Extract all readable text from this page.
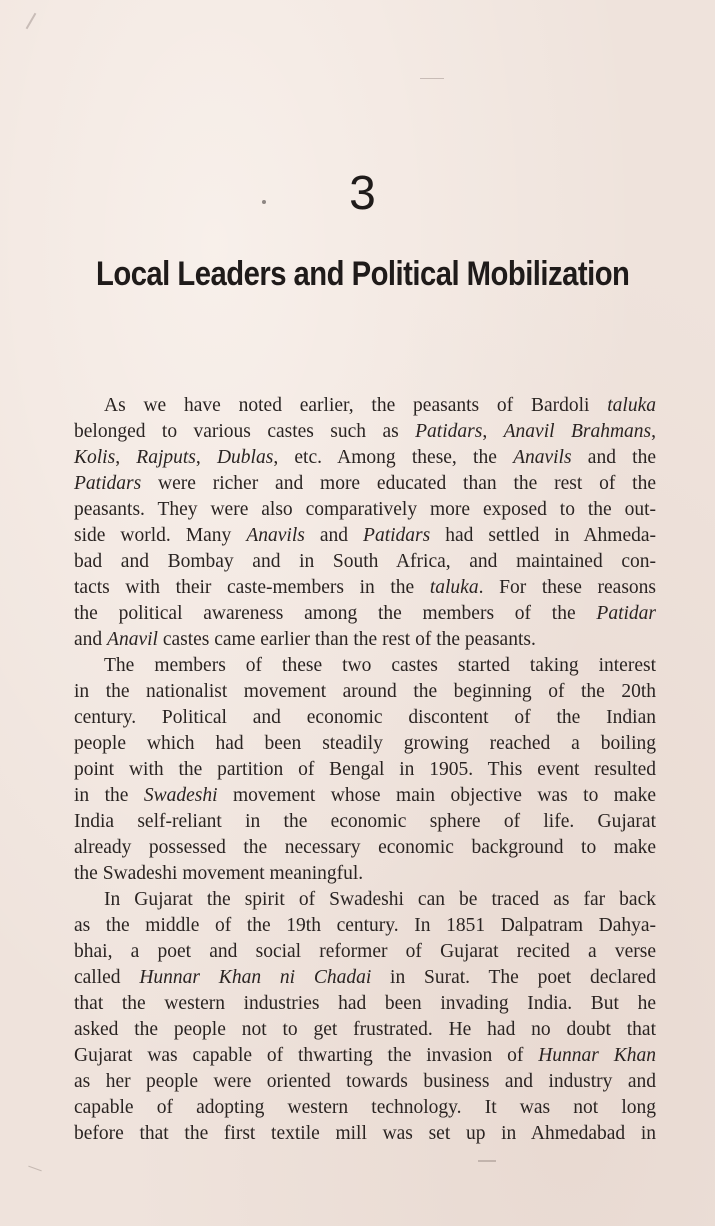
3
Local Leaders and Political Mobilization
As we have noted earlier, the peasants of Bardoli taluka
belonged to various castes such as Patidars, Anavil Brahmans,
Kolis, Rajputs, Dublas, etc. Among these, the Anavils and the
Patidars were richer and more educated than the rest of the
peasants. They were also comparatively more exposed to the out-
side world. Many Anavils and Patidars had settled in Ahmeda-
bad and Bombay and in South Africa, and maintained con-
tacts with their caste-members in the taluka. For these reasons
the political awareness among the members of the Patidar
and Anavil castes came earlier than the rest of the peasants.
The members of these two castes started taking interest
in the nationalist movement around the beginning of the 20th
century. Political and economic discontent of the Indian
people which had been steadily growing reached a boiling
point with the partition of Bengal in 1905. This event resulted
in the Swadeshi movement whose main objective was to make
India self-reliant in the economic sphere of life. Gujarat
already possessed the necessary economic background to make
the Swadeshi movement meaningful.
In Gujarat the spirit of Swadeshi can be traced as far back
as the middle of the 19th century. In 1851 Dalpatram Dahya-
bhai, a poet and social reformer of Gujarat recited a verse
called Hunnar Khan ni Chadai in Surat. The poet declared
that the western industries had been invading India. But he
asked the people not to get frustrated. He had no doubt that
Gujarat was capable of thwarting the invasion of Hunnar Khan
as her people were oriented towards business and industry and
capable of adopting western technology. It was not long
before that the first textile mill was set up in Ahmedabad in
